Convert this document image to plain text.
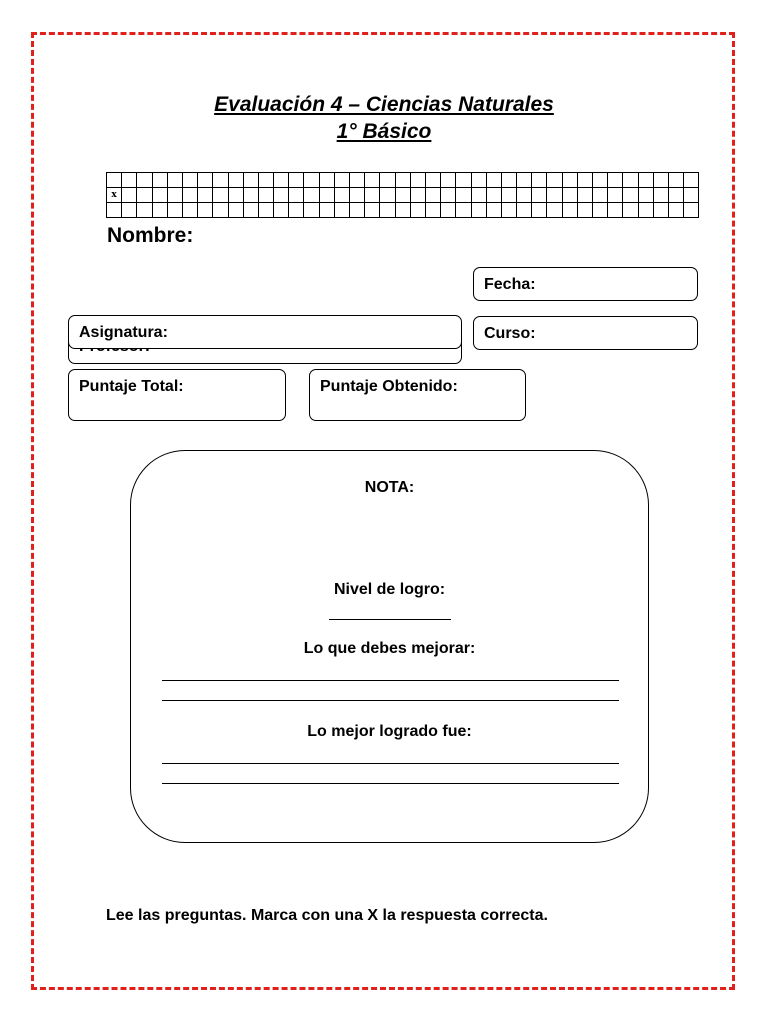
Evaluación 4 – Ciencias Naturales
1° Básico

x																																						

Nombre:
Fecha:
Asignatura:	Curso:
Puntaje Total:	Puntaje Obtenido:
NOTA:
Nivel de logro:
Lo que debes mejorar:
Lo mejor logrado fue:
Lee las preguntas. Marca con una X la respuesta correcta.
